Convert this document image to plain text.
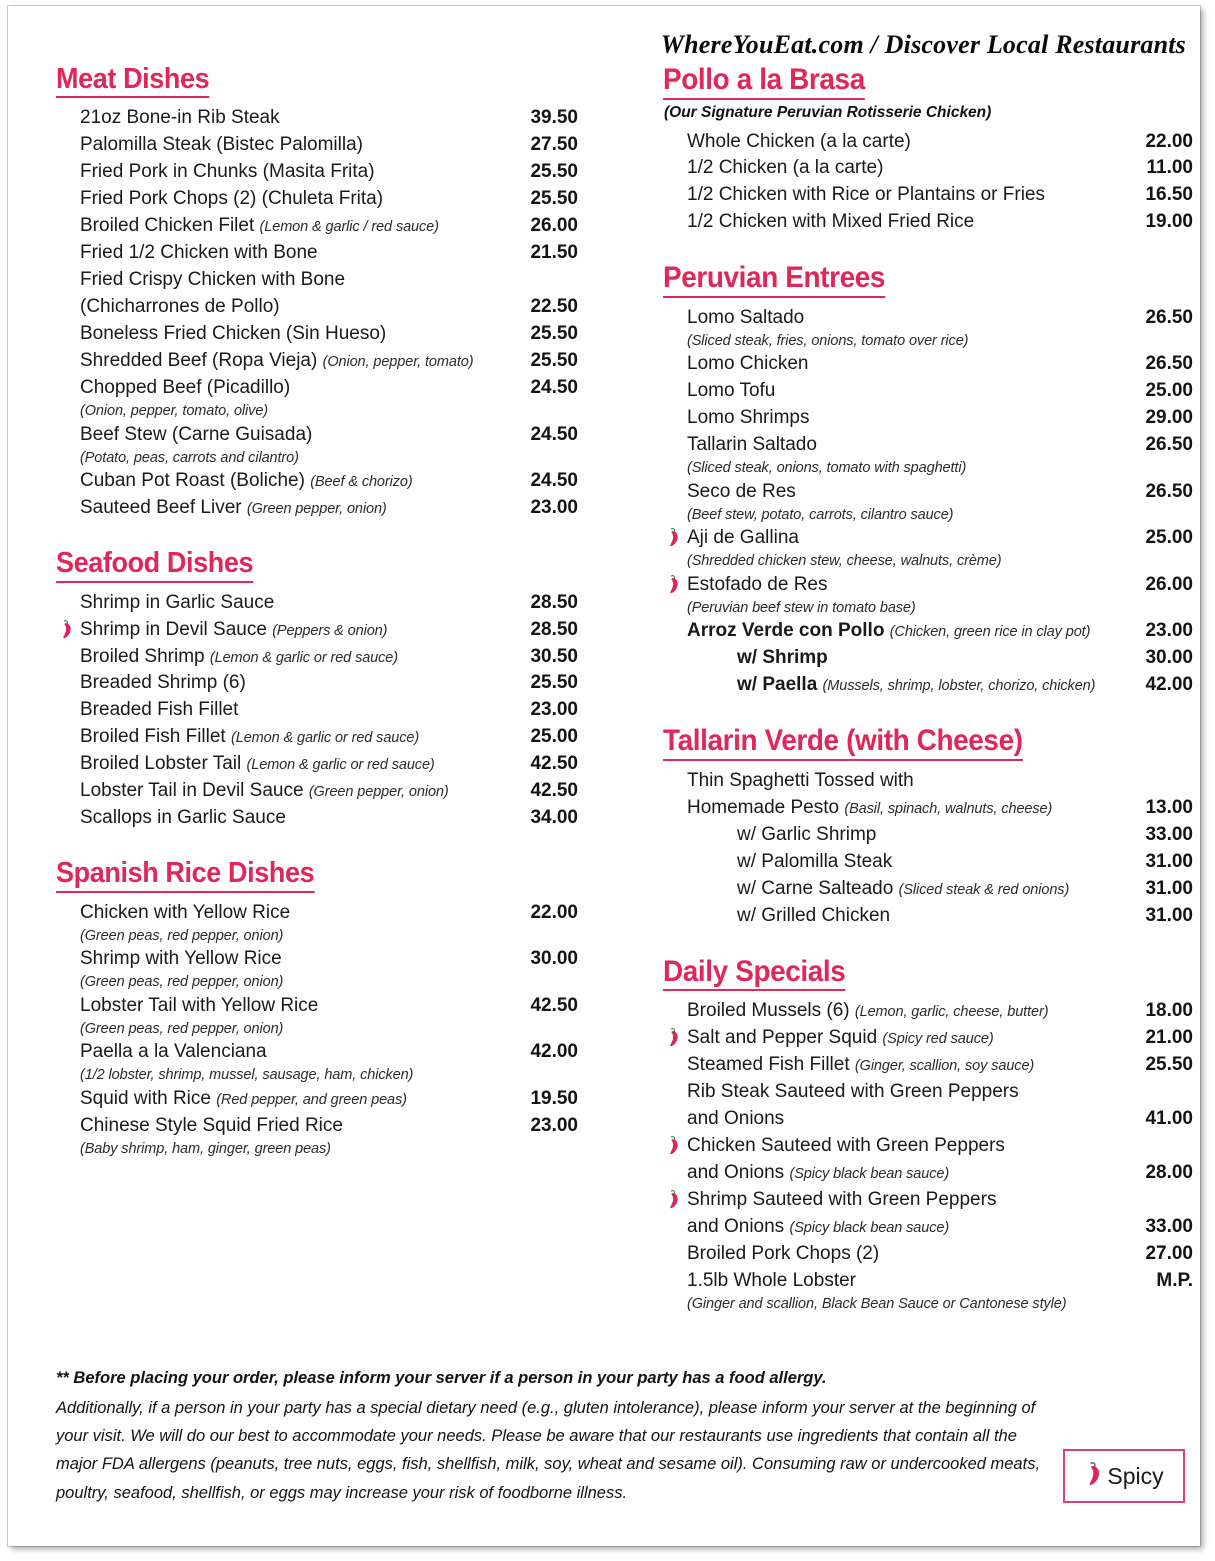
WhereYouEat.com / Discover Local Restaurants
Meat Dishes
21oz Bone-in Rib Steak	39.50
Palomilla Steak (Bistec Palomilla)	27.50
Fried Pork in Chunks (Masita Frita)	25.50
Fried Pork Chops (2) (Chuleta Frita)	25.50
Broiled Chicken Filet (Lemon & garlic / red sauce)	26.00
Fried 1/2 Chicken with Bone	21.50
Fried Crispy Chicken with Bone
(Chicharrones de Pollo)	22.50
Boneless Fried Chicken (Sin Hueso)	25.50
Shredded Beef (Ropa Vieja) (Onion, pepper, tomato)	25.50
Chopped Beef (Picadillo)	24.50
(Onion, pepper, tomato, olive)
Beef Stew (Carne Guisada)	24.50
(Potato, peas, carrots and cilantro)
Cuban Pot Roast (Boliche) (Beef & chorizo)	24.50
Sauteed Beef Liver (Green pepper, onion)	23.00
Seafood Dishes
Shrimp in Garlic Sauce	28.50
Shrimp in Devil Sauce (Peppers & onion)	28.50
Broiled Shrimp (Lemon & garlic or red sauce)	30.50
Breaded Shrimp (6)	25.50
Breaded Fish Fillet	23.00
Broiled Fish Fillet (Lemon & garlic or red sauce)	25.00
Broiled Lobster Tail (Lemon & garlic or red sauce)	42.50
Lobster Tail in Devil Sauce (Green pepper, onion)	42.50
Scallops in Garlic Sauce	34.00
Spanish Rice Dishes
Chicken with Yellow Rice	22.00
(Green peas, red pepper, onion)
Shrimp with Yellow Rice	30.00
(Green peas, red pepper, onion)
Lobster Tail with Yellow Rice	42.50
(Green peas, red pepper, onion)
Paella a la Valenciana	42.00
(1/2 lobster, shrimp, mussel, sausage, ham, chicken)
Squid with Rice (Red pepper, and green peas)	19.50
Chinese Style Squid Fried Rice	23.00
(Baby shrimp, ham, ginger, green peas)
Pollo a la Brasa
(Our Signature Peruvian Rotisserie Chicken)
Whole Chicken (a la carte)	22.00
1/2 Chicken (a la carte)	11.00
1/2 Chicken with Rice or Plantains or Fries	16.50
1/2 Chicken with Mixed Fried Rice	19.00
Peruvian Entrees
Lomo Saltado	26.50
(Sliced steak, fries, onions, tomato over rice)
Lomo Chicken	26.50
Lomo Tofu	25.00
Lomo Shrimps	29.00
Tallarin Saltado	26.50
(Sliced steak, onions, tomato with spaghetti)
Seco de Res	26.50
(Beef stew, potato, carrots, cilantro sauce)
Aji de Gallina	25.00
(Shredded chicken stew, cheese, walnuts, crème)
Estofado de Res	26.00
(Peruvian beef stew in tomato base)
Arroz Verde con Pollo (Chicken, green rice in clay pot)	23.00
w/ Shrimp	30.00
w/ Paella (Mussels, shrimp, lobster, chorizo, chicken)	42.00
Tallarin Verde (with Cheese)
Thin Spaghetti Tossed with
Homemade Pesto (Basil, spinach, walnuts, cheese)	13.00
w/ Garlic Shrimp	33.00
w/ Palomilla Steak	31.00
w/ Carne Salteado (Sliced steak & red onions)	31.00
w/ Grilled Chicken	31.00
Daily Specials
Broiled Mussels (6) (Lemon, garlic, cheese, butter)	18.00
Salt and Pepper Squid (Spicy red sauce)	21.00
Steamed Fish Fillet (Ginger, scallion, soy sauce)	25.50
Rib Steak Sauteed with Green Peppers
and Onions	41.00
Chicken Sauteed with Green Peppers
and Onions (Spicy black bean sauce)	28.00
Shrimp Sauteed with Green Peppers
and Onions (Spicy black bean sauce)	33.00
Broiled Pork Chops (2)	27.00
1.5lb Whole Lobster	M.P.
(Ginger and scallion, Black Bean Sauce or Cantonese style)
** Before placing your order, please inform your server if a person in your party has a food allergy.
Additionally, if a person in your party has a special dietary need (e.g., gluten intolerance), please inform your server at the beginning of your visit. We will do our best to accommodate your needs. Please be aware that our restaurants use ingredients that contain all the major FDA allergens (peanuts, tree nuts, eggs, fish, shellfish, milk, soy, wheat and sesame oil). Consuming raw or undercooked meats, poultry, seafood, shellfish, or eggs may increase your risk of foodborne illness.
Spicy
